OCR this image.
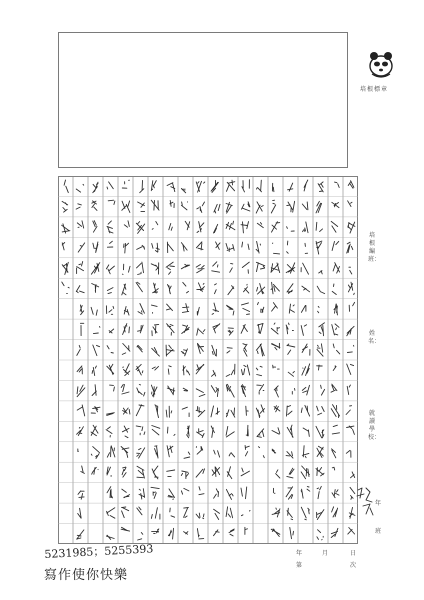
培根標章
培根編班：
姓名：
就讀學校：
年
班
年	月	日
第	次
5231985；5255393
寫作使你快樂
